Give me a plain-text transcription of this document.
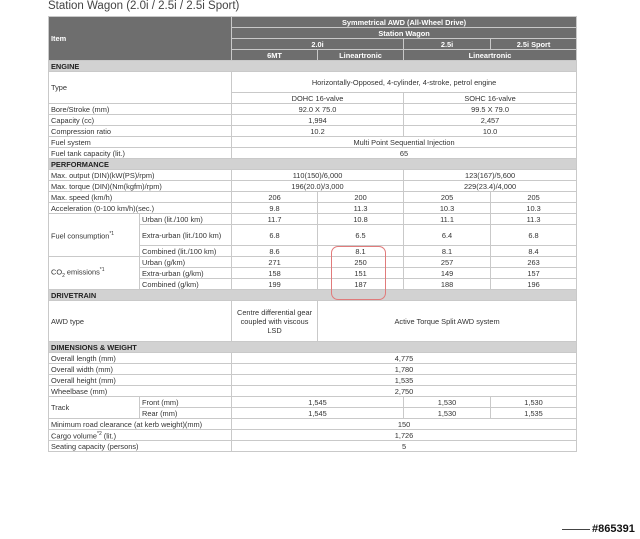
Station Wagon (2.0i / 2.5i / 2.5i Sport)
Item		Symmetrical AWD (All-Wheel Drive)			
		Station Wagon			
		2.0i		2.5i	2.5i Sport
		6MT	Lineartronic	Lineartronic	
ENGINE					
Type		Horizontally-Opposed, 4-cylinder, 4-stroke, petrol engine			
		DOHC 16-valve		SOHC 16-valve	
Bore/Stroke (mm)		92.0 X 75.0		99.5 X 79.0	
Capacity (cc)		1,994		2,457	
Compression ratio		10.2		10.0	
Fuel system		Multi Point Sequential Injection			
Fuel tank capacity (lit.)		65			
PERFORMANCE					
Max. output (DIN)(kW(PS)/rpm)		110(150)/6,000		123(167)/5,600	
Max. torque (DIN)(Nm(kgfm)/rpm)		196(20.0)/3,000		229(23.4)/4,000	
Max. speed (km/h)		206	200	205	205
Acceleration (0-100 km/h)(sec.)		9.8	11.3	10.3	10.3
Fuel consumption$^{*1}$	Urban (lit./100 km)	11.7	10.8	11.1	11.3
	Extra-urban (lit./100 km)	6.8	6.5	6.4	6.8
	Combined (lit./100 km)	8.6	8.1	8.1	8.4
$CO_2$ emissions$^{*1}$	Urban (g/km)	271	250	257	263
	Extra-urban (g/km)	158	151	149	157
	Combined (g/km)	199	187	188	196
DRIVETRAIN					
AWD type		Centre differential gear coupled with viscous LSD	Active Torque Split AWD system		
DIMENSIONS & WEIGHT					
Overall length (mm)		4,775			
Overall width (mm)		1,780			
Overall height (mm)		1,535			
Wheelbase (mm)		2,750			
Track	Front (mm)	1,545		1,530	1,530
	Rear (mm)	1,545		1,530	1,535
Minimum road clearance (at kerb weight)(mm)		150			
Cargo volume$^{*2}$ (lit.)		1,726			
Seating capacity (persons)		5			
#865391
